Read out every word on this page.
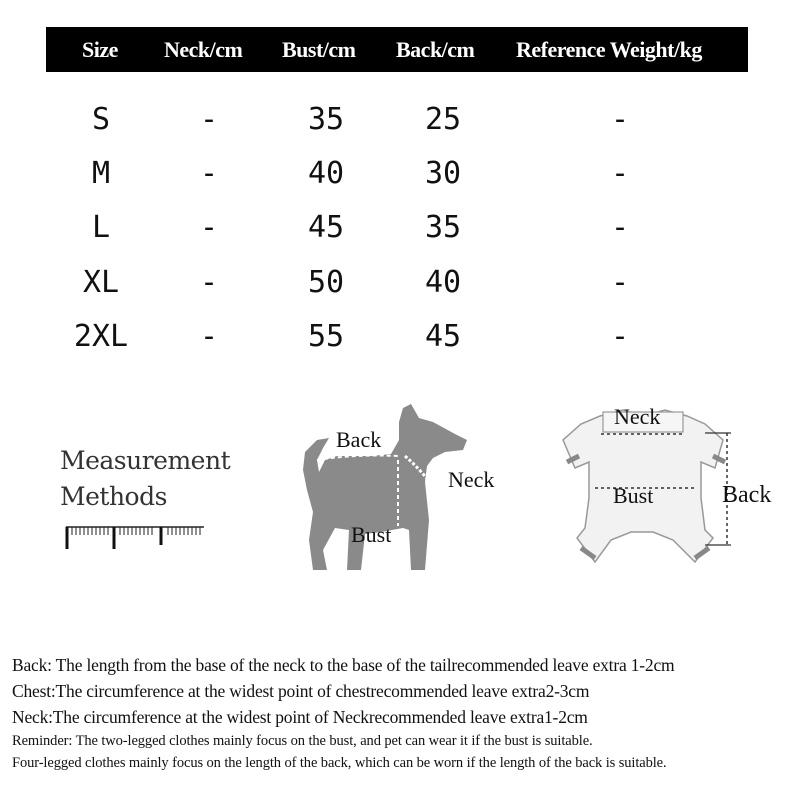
Size Neck/cm Bust/cm Back/cm Reference Weight/kg
S	-	35	25	-
M	-	40	30	-
L	-	45	35	-
XL	-	50	40	-
2XL -	55	45	-
Measurement
Methods
Back
Neck
Bust
Neck
Bust	Back
Back: The length from the base of the neck to the base of the tailrecommended leave extra 1-2cm
Chest:The circumference at the widest point of chestrecommended leave extra2-3cm
Neck:The circumference at the widest point of Neckrecommended leave extra1-2cm
Reminder: The two-legged clothes mainly focus on the bust, and pet can wear it if the bust is suitable.
Four-legged clothes mainly focus on the length of the back, which can be worn if the length of the back is suitable.
